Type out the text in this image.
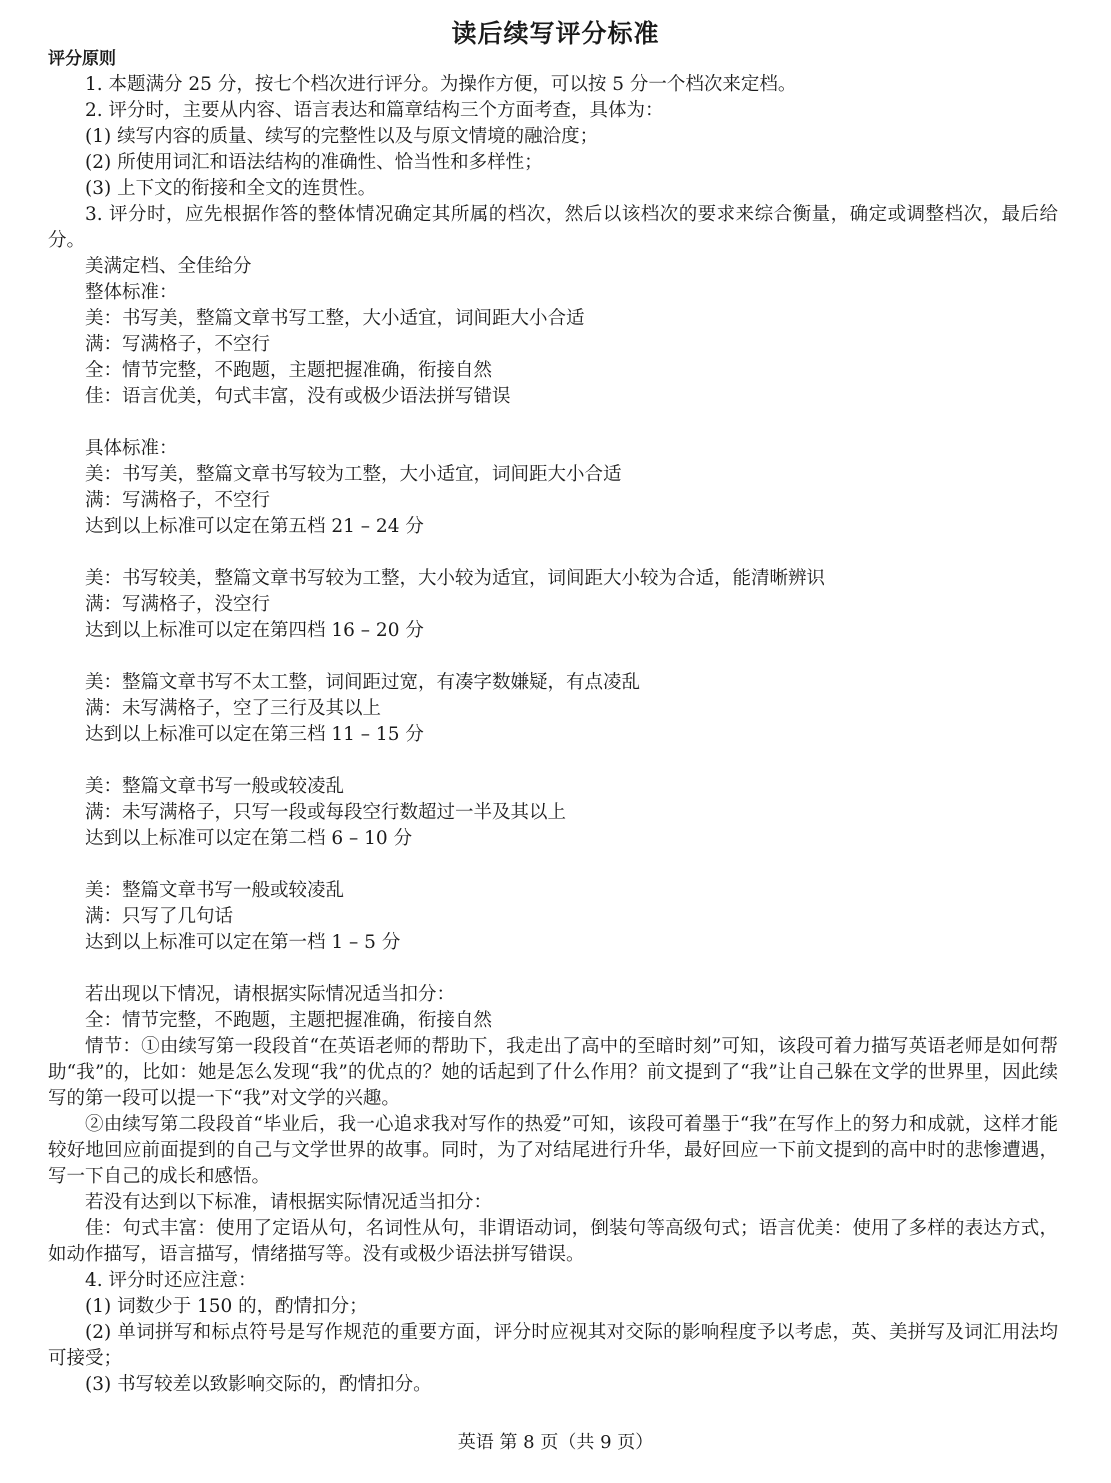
读后续写评分标准
评分原则
1. 本题满分 25 分，按七个档次进行评分。为操作方便，可以按 5 分一个档次来定档。
2. 评分时，主要从内容、语言表达和篇章结构三个方面考查，具体为：
(1) 续写内容的质量、续写的完整性以及与原文情境的融洽度；
(2) 所使用词汇和语法结构的准确性、恰当性和多样性；
(3) 上下文的衔接和全文的连贯性。
3. 评分时，应先根据作答的整体情况确定其所属的档次，然后以该档次的要求来综合衡量，确定或调整档次，最后给分。
美满定档、全佳给分
整体标准：
美：书写美，整篇文章书写工整，大小适宜，词间距大小合适
满：写满格子，不空行
全：情节完整，不跑题，主题把握准确，衔接自然
佳：语言优美，句式丰富，没有或极少语法拼写错误
具体标准：
美：书写美，整篇文章书写较为工整，大小适宜，词间距大小合适
满：写满格子，不空行
达到以上标准可以定在第五档 21 – 24 分
美：书写较美，整篇文章书写较为工整，大小较为适宜，词间距大小较为合适，能清晰辨识
满：写满格子，没空行
达到以上标准可以定在第四档 16 – 20 分
美：整篇文章书写不太工整，词间距过宽，有凑字数嫌疑，有点凌乱
满：未写满格子，空了三行及其以上
达到以上标准可以定在第三档 11 – 15 分
美：整篇文章书写一般或较凌乱
满：未写满格子，只写一段或每段空行数超过一半及其以上
达到以上标准可以定在第二档 6 – 10 分
美：整篇文章书写一般或较凌乱
满：只写了几句话
达到以上标准可以定在第一档 1 – 5 分
若出现以下情况，请根据实际情况适当扣分：
全：情节完整，不跑题，主题把握准确，衔接自然
情节：①由续写第一段段首“在英语老师的帮助下，我走出了高中的至暗时刻”可知，该段可着力描写英语老师是如何帮助“我”的，比如：她是怎么发现“我”的优点的？她的话起到了什么作用？前文提到了“我”让自己躲在文学的世界里，因此续写的第一段可以提一下“我”对文学的兴趣。
②由续写第二段段首“毕业后，我一心追求我对写作的热爱”可知，该段可着墨于“我”在写作上的努力和成就，这样才能较好地回应前面提到的自己与文学世界的故事。同时，为了对结尾进行升华，最好回应一下前文提到的高中时的悲惨遭遇，写一下自己的成长和感悟。
若没有达到以下标准，请根据实际情况适当扣分：
佳：句式丰富：使用了定语从句，名词性从句，非谓语动词，倒装句等高级句式；语言优美：使用了多样的表达方式，如动作描写，语言描写，情绪描写等。没有或极少语法拼写错误。
4. 评分时还应注意：
(1) 词数少于 150 的，酌情扣分；
(2) 单词拼写和标点符号是写作规范的重要方面，评分时应视其对交际的影响程度予以考虑，英、美拼写及词汇用法均可接受；
(3) 书写较差以致影响交际的，酌情扣分。
英语 第 8 页（共 9 页）
